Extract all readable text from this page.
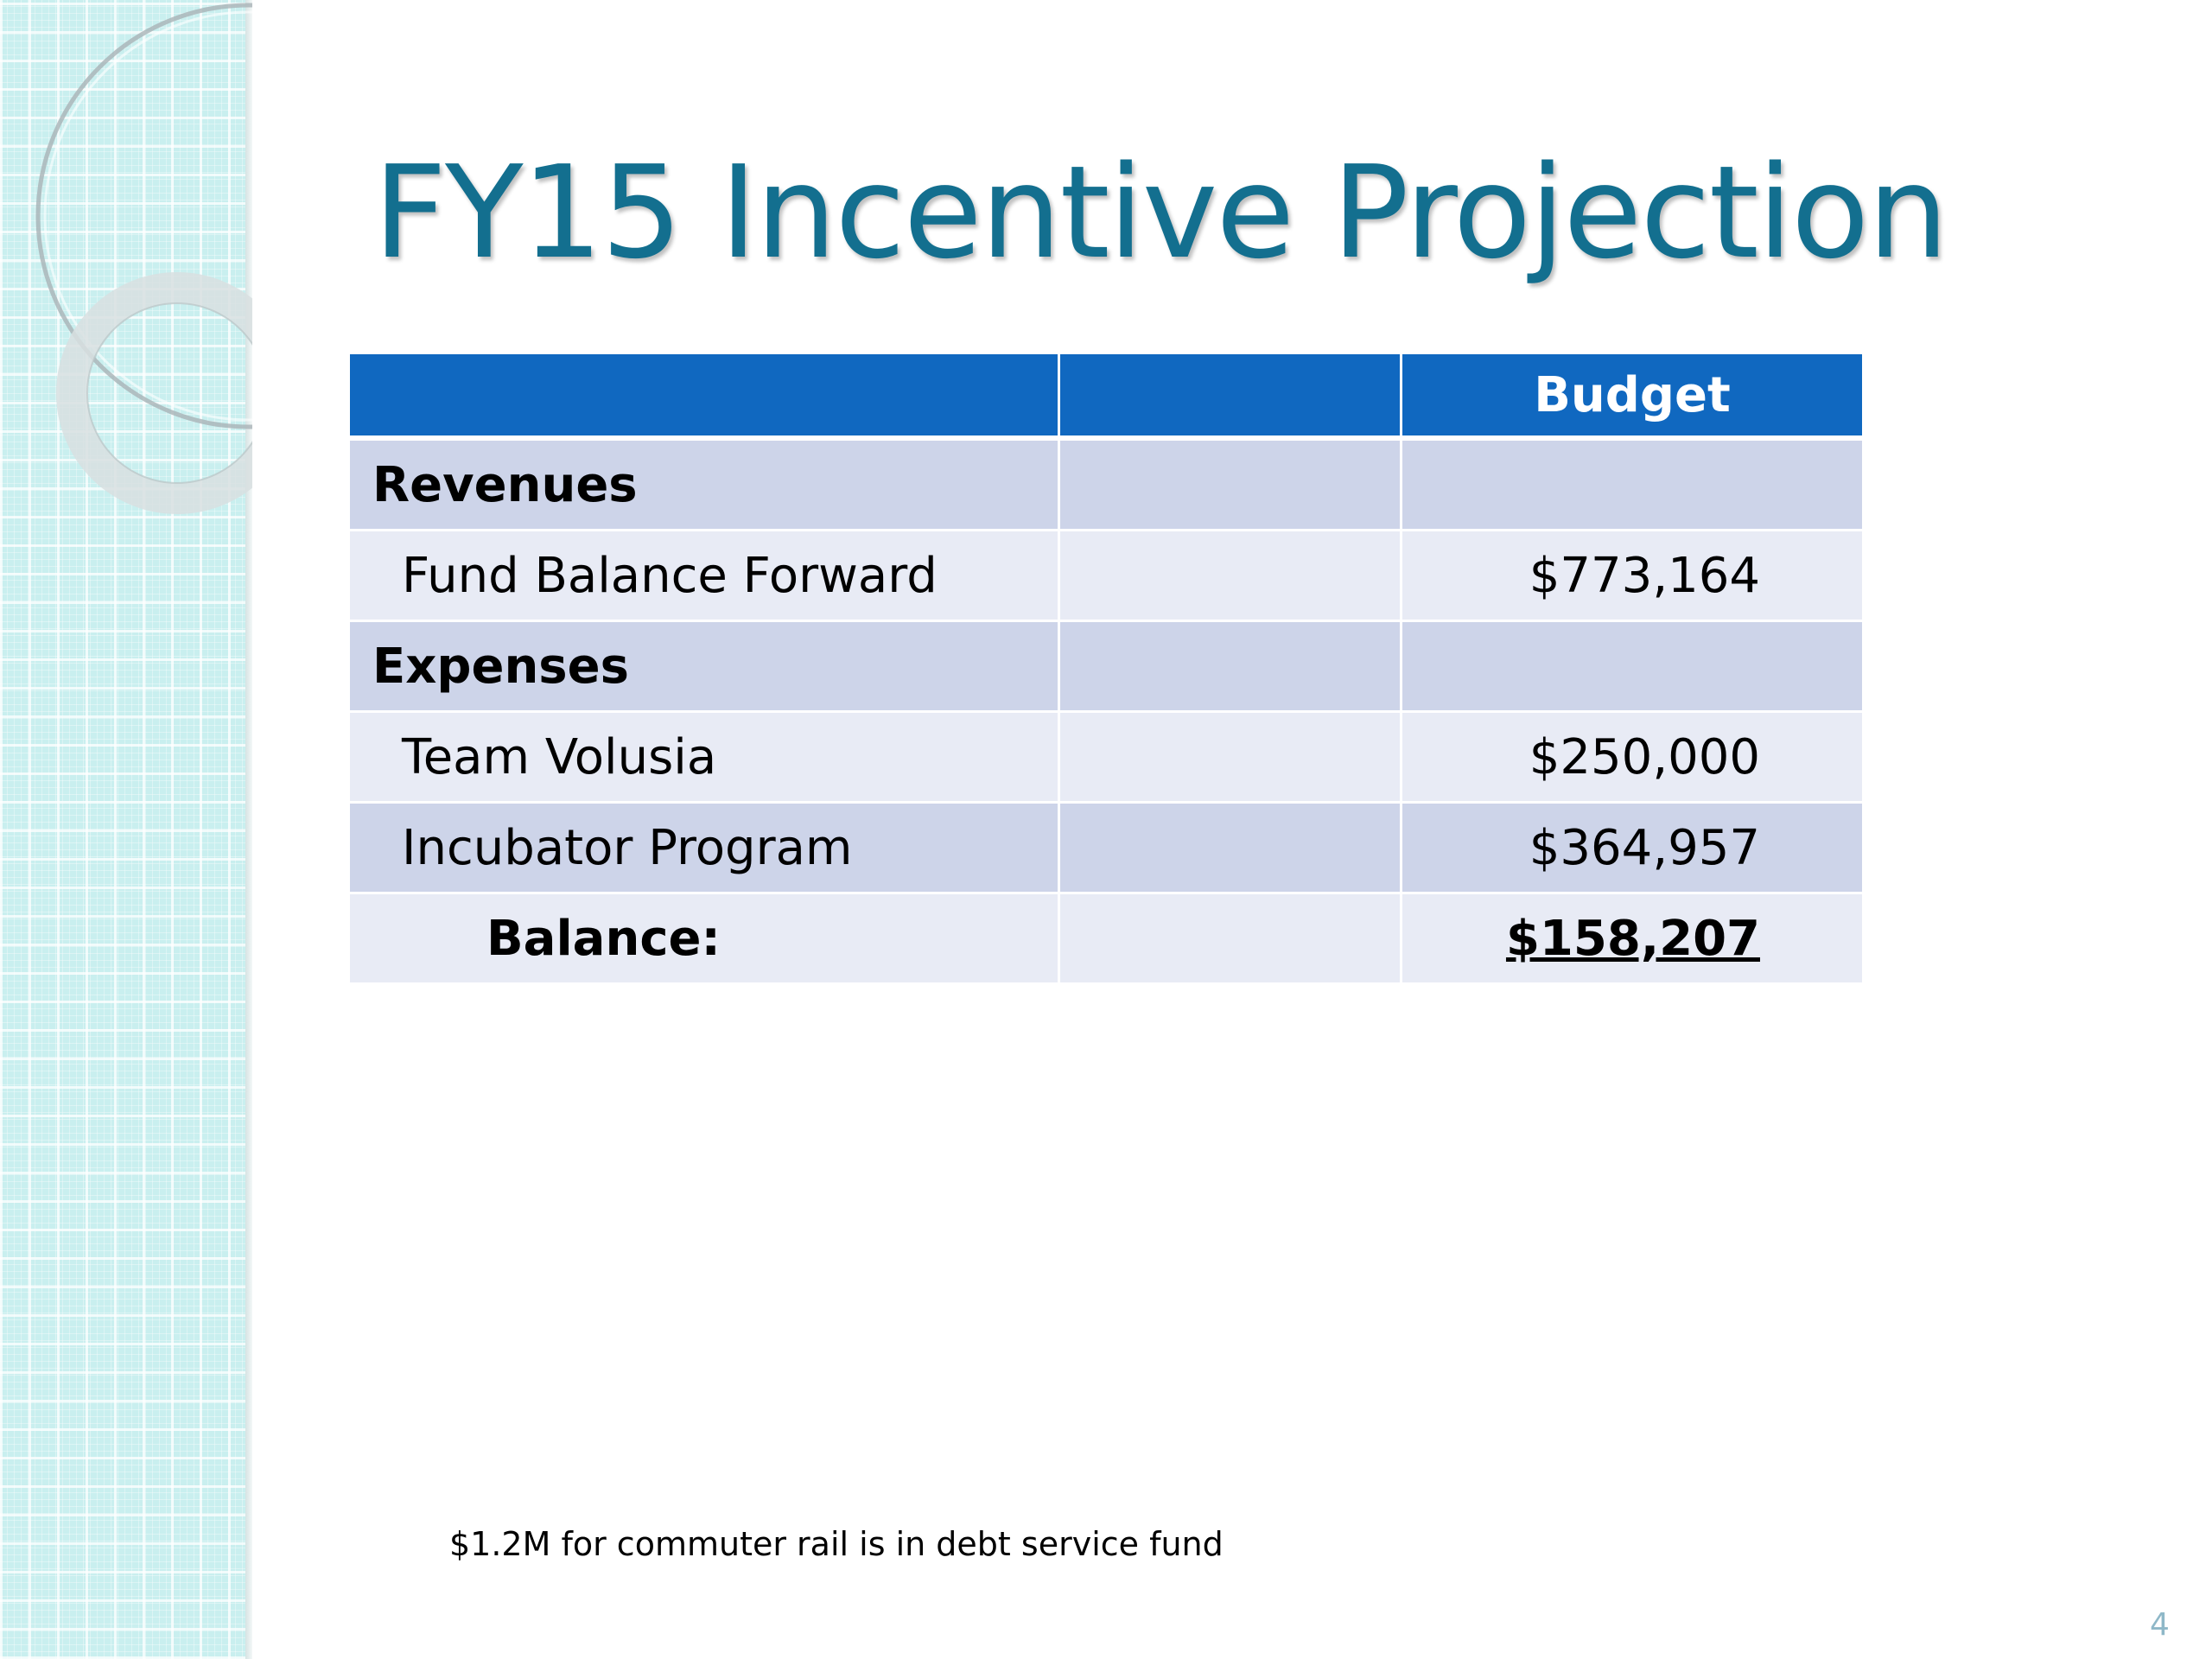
FY15 Incentive Projection
		Budget
Revenues		
Fund Balance Forward		$773,164
Expenses		
Team Volusia		$250,000
Incubator Program		$364,957
Balance:		$158,207
$1.2M for commuter rail is in debt service fund
4
